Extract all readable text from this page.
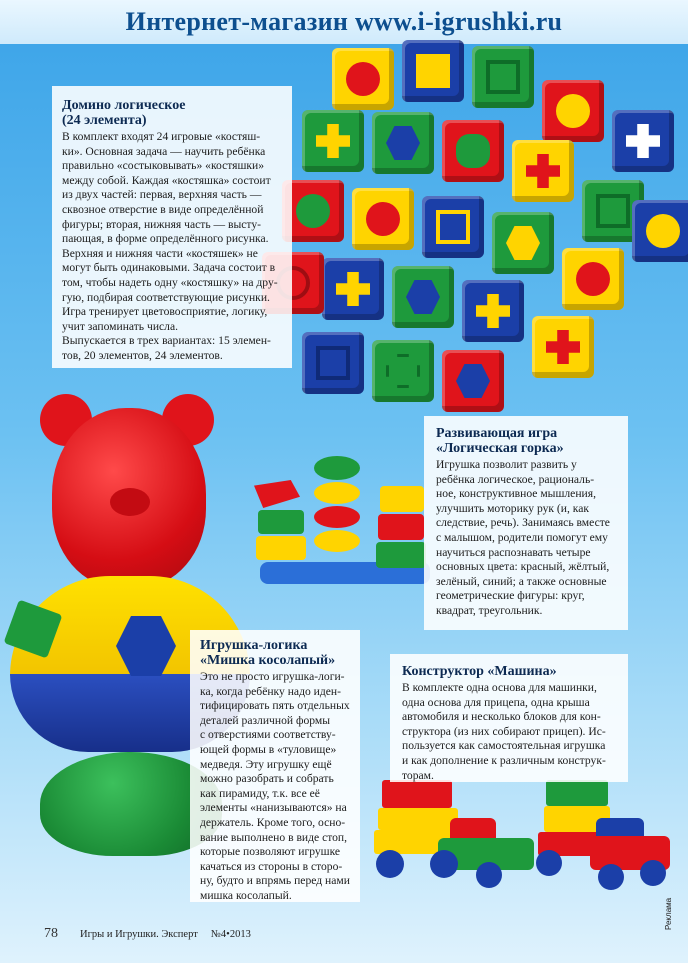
Интернет-магазин www.i-igrushki.ru
Домино логическое
(24 элемента)

В комплект входят 24 игровые «костяш-
ки». Основная задача — научить ребёнка
правильно «состыковывать» «костяшки»
между собой. Каждая «костяшка» состоит
из двух частей: первая, верхняя часть —
сквозное отверстие в виде определённой
фигуры; вторая, нижняя часть — высту-
пающая, в форме определённого рисунка.
Верхняя и нижняя части «костяшек» не
могут быть одинаковыми. Задача состоит в
том, чтобы надеть одну «костяшку» на дру-
гую, подбирая соответствующие рисунки.
Игра тренирует цветовосприятие, логику,
учит запоминать числа.
Выпускается в трех вариантах: 15 элемен-
тов, 20 элементов, 24 элементов.

Развивающая игра
«Логическая горка»

Игрушка позволит развить у
ребёнка логическое, рациональ-
ное, конструктивное мышления,
улучшить моторику рук (и, как
следствие, речь). Занимаясь вместе
с малышом, родители помогут ему
научиться распознавать четыре
основных цвета: красный, жёлтый,
зелёный, синий; а также основные
геометрические фигуры: круг,
квадрат, треугольник.

Игрушка-логика
«Мишка косолапый»

Это не просто игрушка-логи-
ка, когда ребёнку надо иден-
тифицировать пять отдельных
деталей различной формы
с отверстиями соответству-
ющей формы в «туловище»
медведя. Эту игрушку ещё
можно разобрать и собрать
как пирамиду, т.к. все её
элементы «нанизываются» на
держатель. Кроме того, осно-
вание выполнено в виде стоп,
которые позволяют игрушке
качаться из стороны в сторо-
ну, будто и впрямь перед нами
мишка косолапый.

Конструктор «Машина»

В комплекте одна основа для машинки,
одна основа для прицепа, одна крыша
автомобиля и несколько блоков для кон-
структора (из них собирают прицеп). Ис-
пользуется как самостоятельная игрушка
и как дополнение к различным конструк-
торам.

78 Игры и Игрушки. Эксперт     №4•2013
Реклама
